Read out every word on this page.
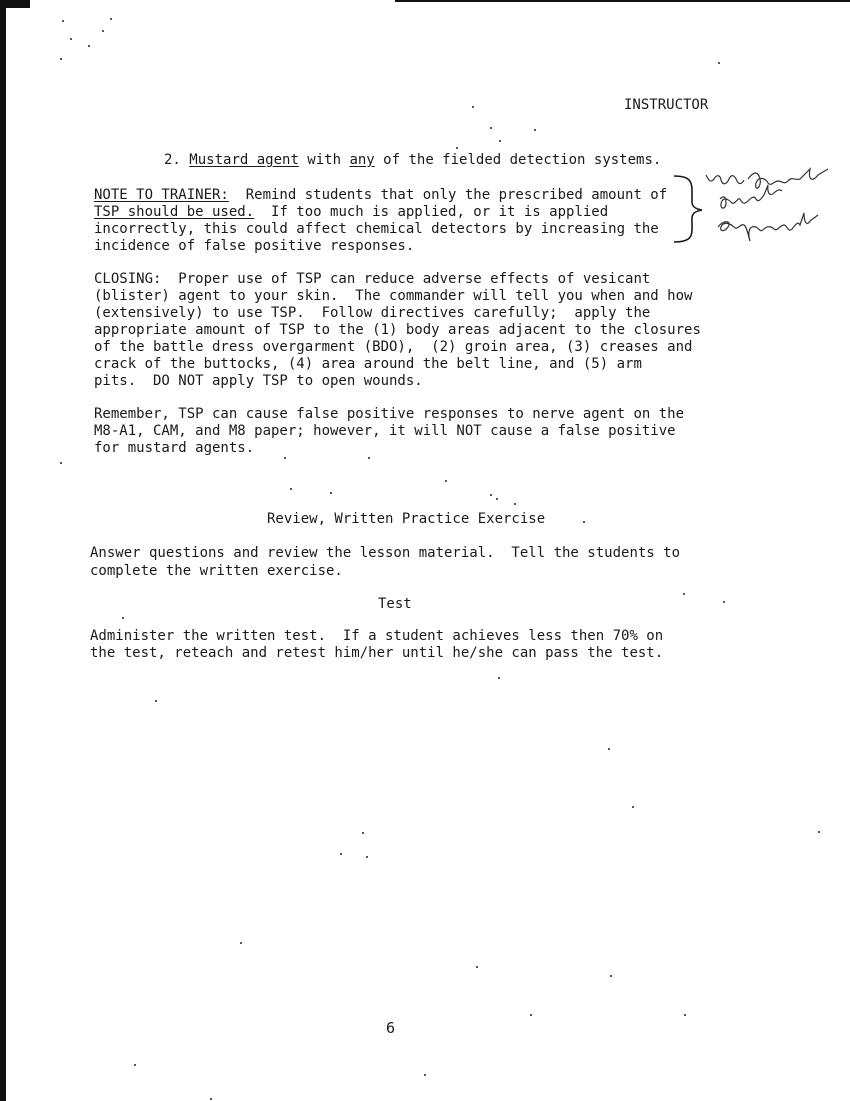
INSTRUCTOR
2. Mustard agent with any of the fielded detection systems.
NOTE TO TRAINER:  Remind students that only the prescribed amount of
TSP should be used.  If too much is applied, or it is applied
incorrectly, this could affect chemical detectors by increasing the
incidence of false positive responses.	Very important must be emphasized
CLOSING:  Proper use of TSP can reduce adverse effects of vesicant
(blister) agent to your skin.  The commander will tell you when and how
(extensively) to use TSP.  Follow directives carefully;  apply the
appropriate amount of TSP to the (1) body areas adjacent to the closures
of the battle dress overgarment (BDO),  (2) groin area, (3) creases and
crack of the buttocks, (4) area around the belt line, and (5) arm
pits.  DO NOT apply TSP to open wounds.
Remember, TSP can cause false positive responses to nerve agent on the
M8-A1, CAM, and M8 paper; however, it will NOT cause a false positive
for mustard agents.
Review, Written Practice Exercise
Answer questions and review the lesson material.  Tell the students to
complete the written exercise.
Test
Administer the written test.  If a student achieves less then 70% on
the test, reteach and retest him/her until he/she can pass the test.
6
